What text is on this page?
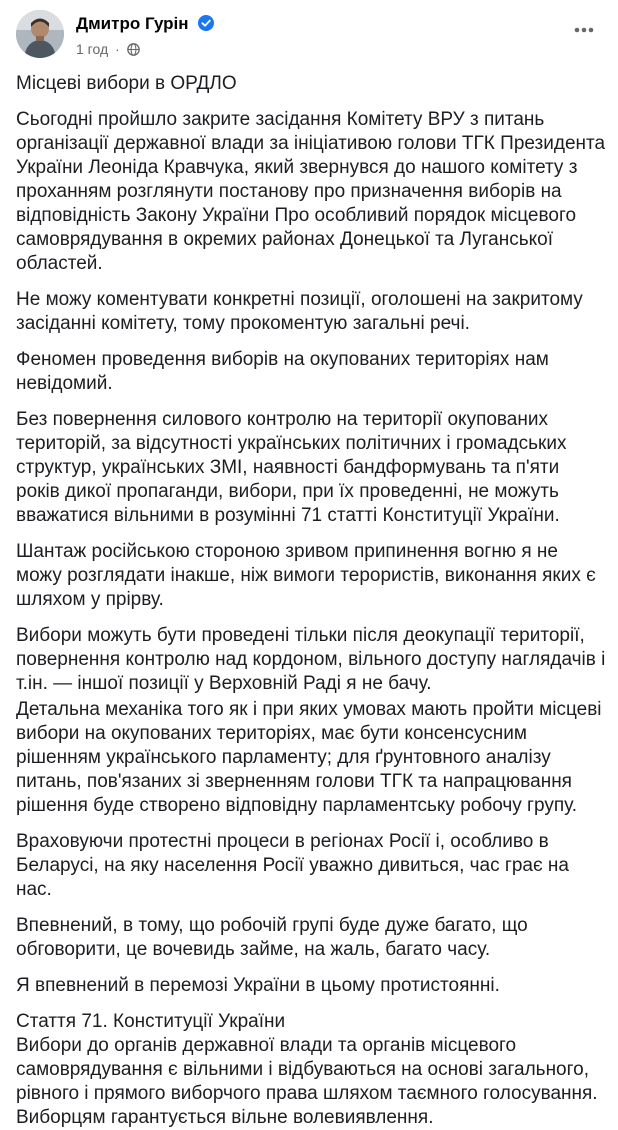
Дмитро Гурін
1 год ·

Місцеві вибори в ОРДЛО

Сьогодні пройшло закрите засідання Комітету ВРУ з питань організації державної влади за ініціативою голови ТГК Президента України Леоніда Кравчука, який звернувся до нашого комітету з проханням розглянути постанову про призначення виборів на відповідність Закону України Про особливий порядок місцевого самоврядування в окремих районах Донецької та Луганської областей.

Не можу коментувати конкретні позиції, оголошені на закритому засіданні комітету, тому прокоментую загальні речі.

Феномен проведення виборів на окупованих територіях нам невідомий.

Без повернення силового контролю на території окупованих територій, за відсутності українських політичних і громадських структур, українських ЗМІ, наявності бандформувань та п'яти років дикої пропаганди, вибори, при їх проведенні, не можуть вважатися вільними в розумінні 71 статті Конституції України.

Шантаж російською стороною зривом припинення вогню я не можу розглядати інакше, ніж вимоги терористів, виконання яких є шляхом у прірву.

Вибори можуть бути проведені тільки після деокупації території, повернення контролю над кордоном, вільного доступу наглядачів і т.ін. — іншої позиції у Верховній Раді я не бачу.

Детальна механіка того як і при яких умовах мають пройти місцеві вибори на окупованих територіях, має бути консенсусним рішенням українського парламенту; для ґрунтовного аналізу питань, пов'язаних зі зверненням голови ТГК та напрацювання рішення буде створено відповідну парламентську робочу групу.

Враховуючи протестні процеси в регіонах Росії і, особливо в Беларусі, на яку населення Росії уважно дивиться, час грає на нас.

Впевнений, в тому, що робочій групі буде дуже багато, що обговорити, це вочевидь займе, на жаль, багато часу.

Я впевнений в перемозі України в цьому протистоянні.

Стаття 71. Конституції України

Вибори до органів державної влади та органів місцевого самоврядування є вільними і відбуваються на основі загального, рівного і прямого виборчого права шляхом таємного голосування. Виборцям гарантується вільне волевиявлення.
